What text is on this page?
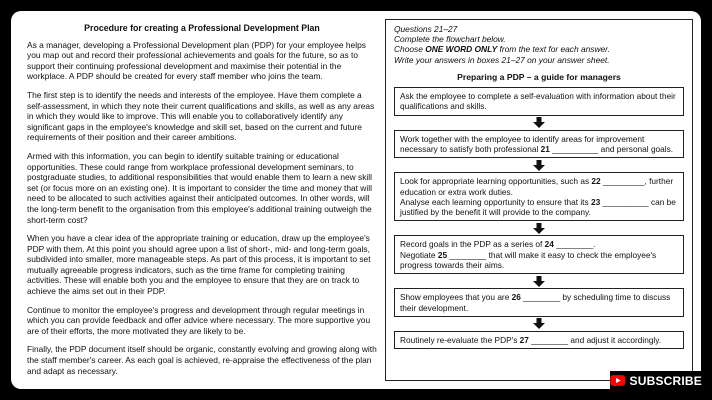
Procedure for creating a Professional Development Plan

As a manager, developing a Professional Development plan (PDP) for your employee helps you map out and record their professional achievements and goals for the future, so as to support their continuing professional development and maximise their potential in the workplace. A PDP should be created for every staff member who joins the team.

The first step is to identify the needs and interests of the employee. Have them complete a self-assessment, in which they note their current qualifications and skills, as well as any areas in which they would like to improve. This will enable you to collaboratively identify any significant gaps in the employee's knowledge and skill set, based on the current and future requirements of their position and their career ambitions.

Armed with this information, you can begin to identify suitable training or educational opportunities. These could range from workplace professional development seminars, to postgraduate studies, to additional responsibilities that would enable them to learn a new skill set (or focus more on an existing one). It is important to consider the time and money that will need to be allocated to such activities against their anticipated outcomes. In other words, will the long-term benefit to the organisation from this employee's additional training outweigh the short-term cost?

When you have a clear idea of the appropriate training or education, draw up the employee's PDP with them. At this point you should agree upon a list of short-, mid- and long-term goals, subdivided into smaller, more manageable steps. As part of this process, it is important to set mutually agreeable progress indicators, such as the time frame for completing training activities. These will enable both you and the employee to ensure that they are on track to achieve the aims set out in their PDP.

Continue to monitor the employee's progress and development through regular meetings in which you can provide feedback and offer advice where necessary. The more supportive you are of their efforts, the more motivated they are likely to be.

Finally, the PDP document itself should be organic, constantly evolving and growing along with the staff member's career. As each goal is achieved, re-appraise the effectiveness of the plan and adapt as necessary.

Questions 21–27
Complete the flowchart below.
Choose ONE WORD ONLY from the text for each answer.
Write your answers in boxes 21–27 on your answer sheet.
Preparing a PDP – a guide for managers
Ask the employee to complete a self-evaluation with information about their qualifications and skills.
Work together with the employee to identify areas for improvement necessary to satisfy both professional 21 __________ and personal goals.
Look for appropriate learning opportunities, such as 22 _________, further education or extra work duties.
Analyse each learning opportunity to ensure that its 23 __________ can be justified by the benefit it will provide to the company.
Record goals in the PDP as a series of 24 ________.
Negotiate 25 ________ that will make it easy to check the employee's progress towards their aims.
Show employees that you are 26 ________ by scheduling time to discuss their development.
Routinely re-evaluate the PDP's 27 ________ and adjust it accordingly.
SUBSCRIBE
